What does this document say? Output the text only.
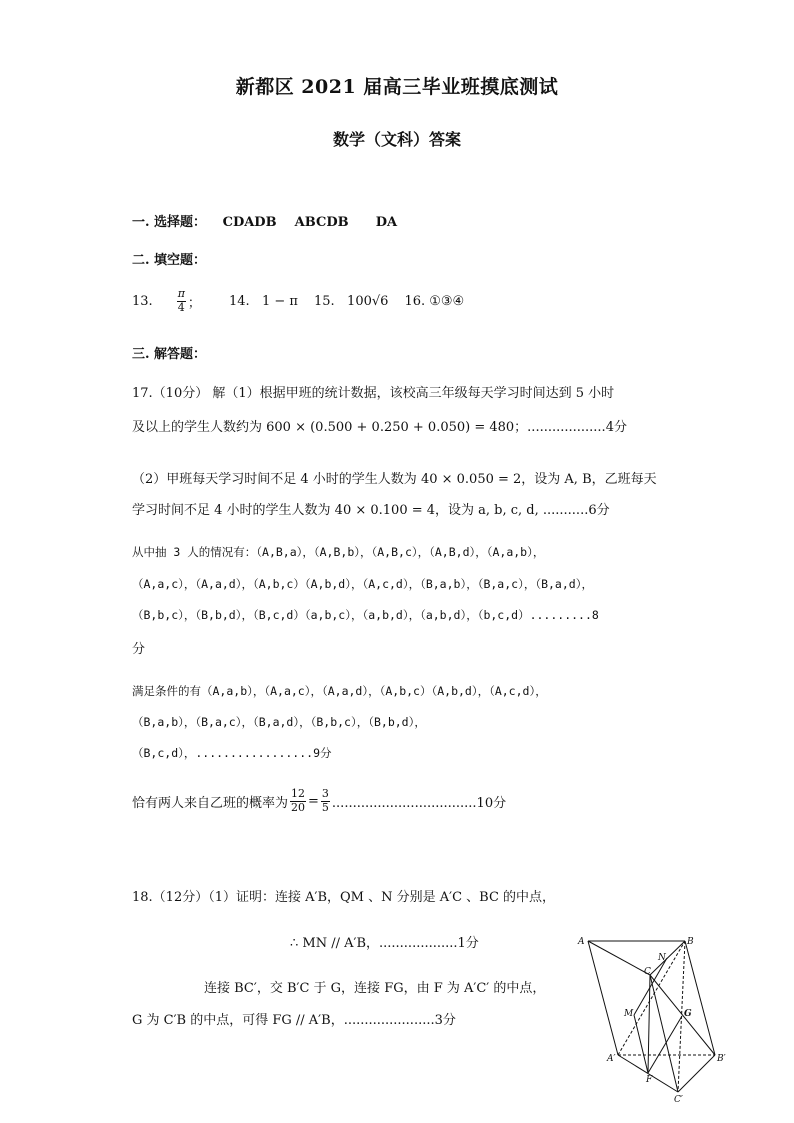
新都区 2021 届高三毕业班摸底测试
数学（文科）答案
一. 选择题： CDADB    ABCDB      DA
二. 填空题：
13. $\frac{\pi}{4}$ ； 14.   1 − π 15.   100√6 16. ①③④
三. 解答题：
17.（10分） 解（1）根据甲班的统计数据，该校高三年级每天学习时间达到 5 小时
及以上的学生人数约为 600 × (0.500 + 0.250 + 0.050) = 480；...................4分
（2）甲班每天学习时间不足 4 小时的学生人数为 40 × 0.050 = 2，设为 A, B，乙班每天
学习时间不足 4 小时的学生人数为 40 × 0.100 = 4，设为 a, b, c, d, ...........6分
从中抽 3 人的情况有：（A,B,a），（A,B,b），（A,B,c），（A,B,d），（A,a,b），
（A,a,c），（A,a,d），（A,b,c）（A,b,d），（A,c,d），（B,a,b），（B,a,c），（B,a,d），
（B,b,c），（B,b,d），（B,c,d）（a,b,c），（a,b,d），（a,b,d），（b,c,d）.........8
分
满足条件的有（A,a,b），（A,a,c），（A,a,d），（A,b,c）（A,b,d），（A,c,d），
（B,a,b），（B,a,c），（B,a,d），（B,b,c），（B,b,d），
（B,c,d），.................9分
恰有两人来自乙班的概率为 $\frac{12}{20} = \frac{3}{5} ...................................10$分
18.（12分）（1）证明：连接 A′B，QM 、N 分别是 A′C 、BC 的中点，
∴ MN // A′B，...................1分
连接 BC′，交 B′C 于 G，连接 FG，由 F 为 A′C′ 的中点，
G 为 C′B 的中点，可得 FG // A′B，......................3分
A	B
C
N
M	G
A′	B′
F
C′
